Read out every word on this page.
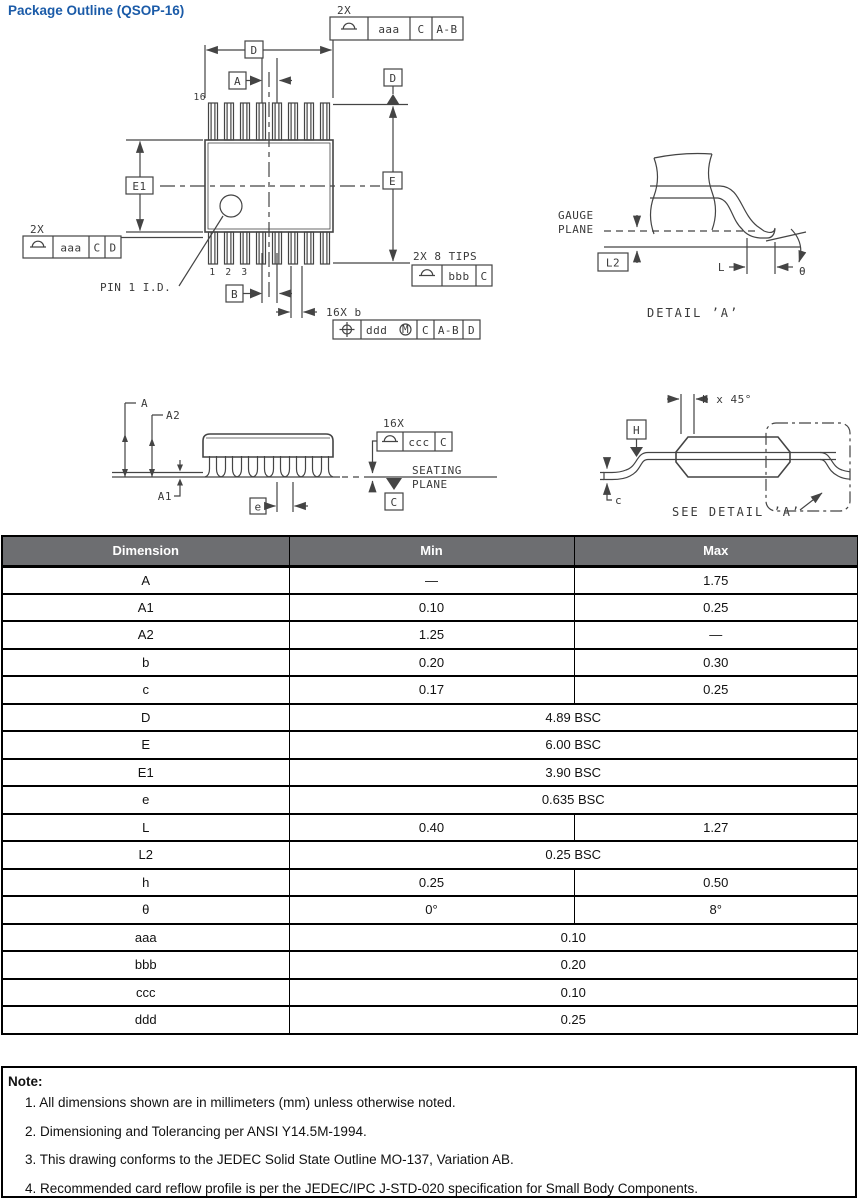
Package Outline (QSOP-16)	2X
aaa C A-B
D
A
16
D
E
E1
2X
aaa C D
PIN 1 I.D.
1 2 3
B
16X b
ddd M C A-B D
2X 8 TIPS
bbb C
GAUGE
PLANE
L2	L	θ
DETAIL ’A’
A
A2
A1
e
16X
ccc C
C
SEATING
PLANE
h x 45°
H
c
SEE DETAIL ’A’
Dimension	Min	Max
A	—	1.75
A1	0.10	0.25
A2	1.25	—
b	0.20	0.30
c	0.17	0.25
D	4.89 BSC	
E	6.00 BSC	
E1	3.90 BSC	
e	0.635 BSC	
L	0.40	1.27
L2	0.25 BSC	
h	0.25	0.50
θ	0°	8°
aaa	0.10	
bbb	0.20	
ccc	0.10	
ddd	0.25	
Note:
1. All dimensions shown are in millimeters (mm) unless otherwise noted.
2. Dimensioning and Tolerancing per ANSI Y14.5M-1994.
3. This drawing conforms to the JEDEC Solid State Outline MO-137, Variation AB.
4. Recommended card reflow profile is per the JEDEC/IPC J-STD-020 specification for Small Body Components.
